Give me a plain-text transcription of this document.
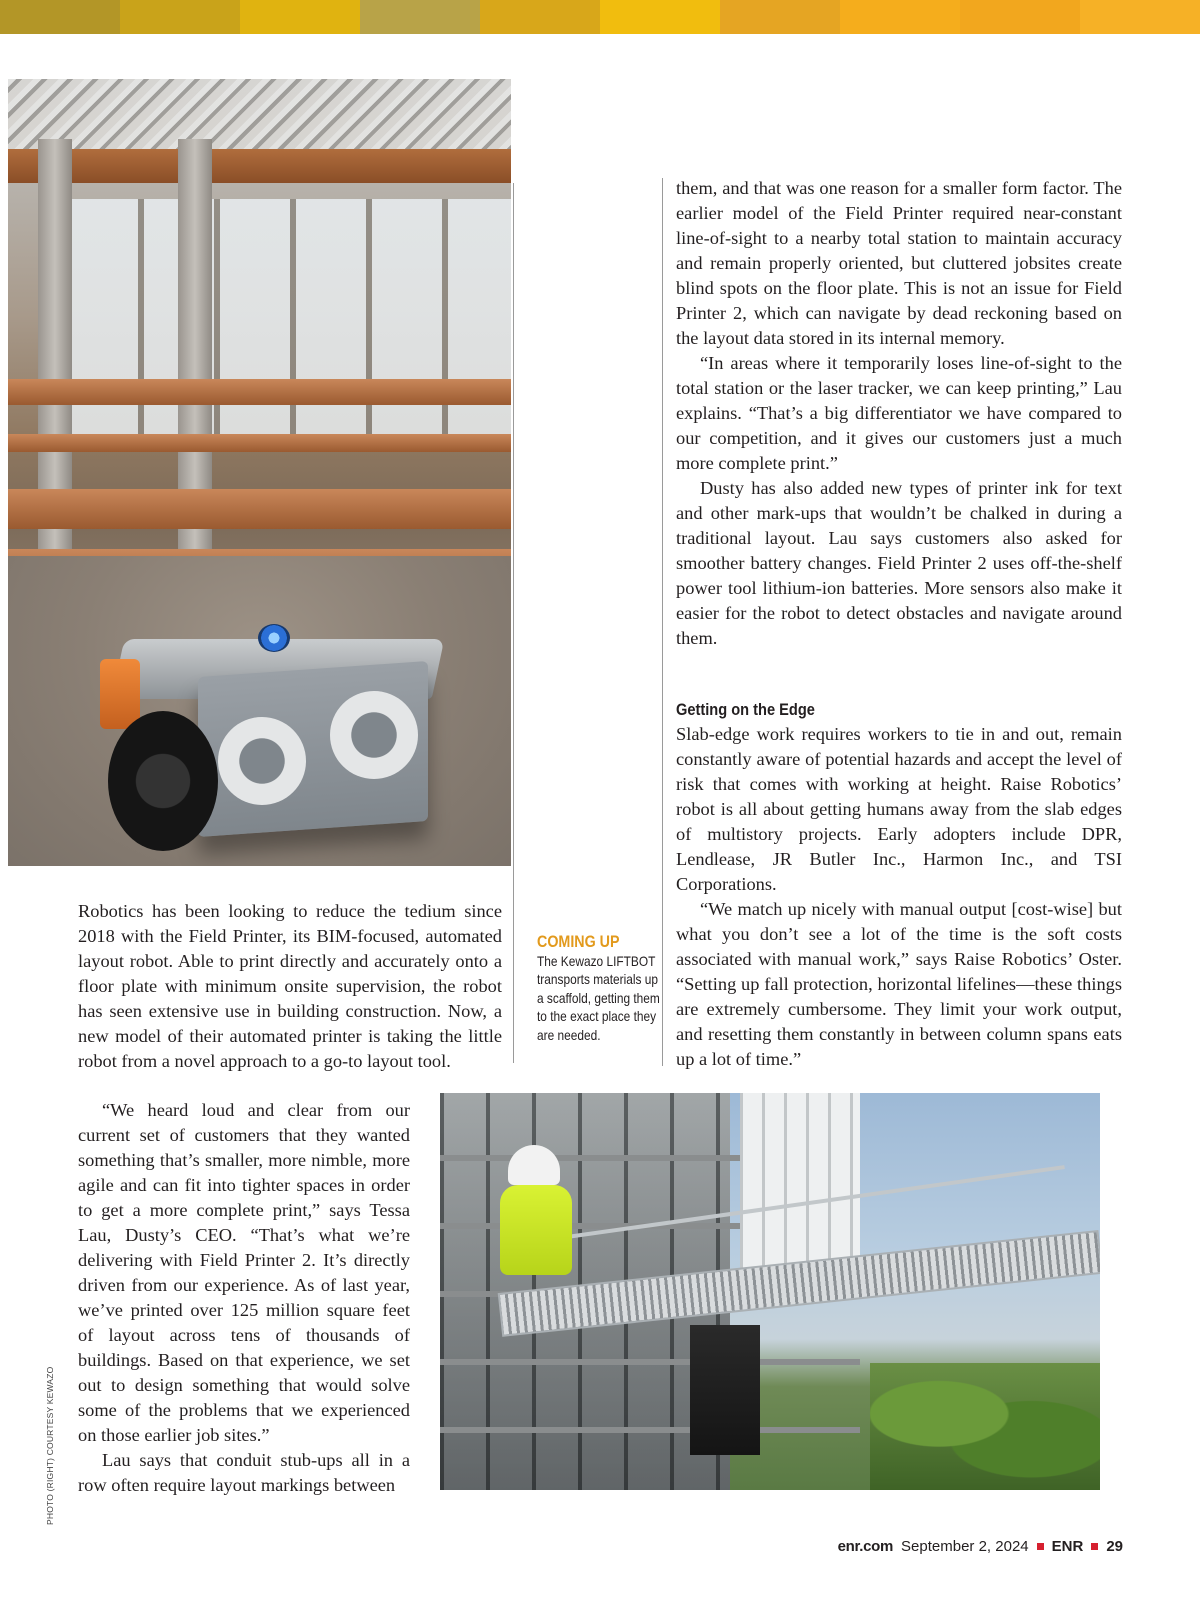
Robotics has been looking to reduce the tedium since 2018 with the Field Printer, its BIM-focused, automated layout robot. Able to print directly and accurately onto a floor plate with minimum onsite supervision, the robot has seen extensive use in building construction. Now, a new model of their automated printer is taking the little robot from a novel approach to a go-to layout tool.

“We heard loud and clear from our current set of customers that they wanted something that’s smaller, more nimble, more agile and can fit into tighter spaces in order to get a more complete print,” says Tessa Lau, Dusty’s CEO. “That’s what we’re delivering with Field Printer 2. It’s directly driven from our experience. As of last year, we’ve printed over 125 million square feet of layout across tens of thousands of buildings. Based on that experience, we set out to design something that would solve some of the problems that we experienced on those earlier job sites.”

Lau says that conduit stub-ups all in a row often require layout markings between

COMING UP
The Kewazo LIFTBOT transports materials up a scaffold, getting them to the exact place they are needed.

them, and that was one reason for a smaller form factor. The earlier model of the Field Printer required near-constant line-of-sight to a nearby total station to maintain accuracy and remain properly oriented, but cluttered jobsites create blind spots on the floor plate. This is not an issue for Field Printer 2, which can navigate by dead reckoning based on the layout data stored in its internal memory.

“In areas where it temporarily loses line-of-sight to the total station or the laser tracker, we can keep printing,” Lau explains. “That’s a big differentiator we have compared to our competition, and it gives our customers just a much more complete print.”

Dusty has also added new types of printer ink for text and other mark-ups that wouldn’t be chalked in during a traditional layout. Lau says customers also asked for smoother battery changes. Field Printer 2 uses off-the-shelf power tool lithium-ion batteries. More sensors also make it easier for the robot to detect obstacles and navigate around them.

Getting on the Edge

Slab-edge work requires workers to tie in and out, remain constantly aware of potential hazards and accept the level of risk that comes with working at height. Raise Robotics’ robot is all about getting humans away from the slab edges of multistory projects. Early adopters include DPR, Lendlease, JR Butler Inc., Harmon Inc., and TSI Corporations.

“We match up nicely with manual output [cost-wise] but what you don’t see a lot of the time is the soft costs associated with manual work,” says Raise Robotics’ Oster. “Setting up fall protection, horizontal lifelines—these things are extremely cumbersome. They limit your work output, and resetting them constantly in between column spans eats up a lot of time.”

PHOTO (RIGHT) COURTESY KEWAZO
enr.com September 2, 2024 ENR 29
